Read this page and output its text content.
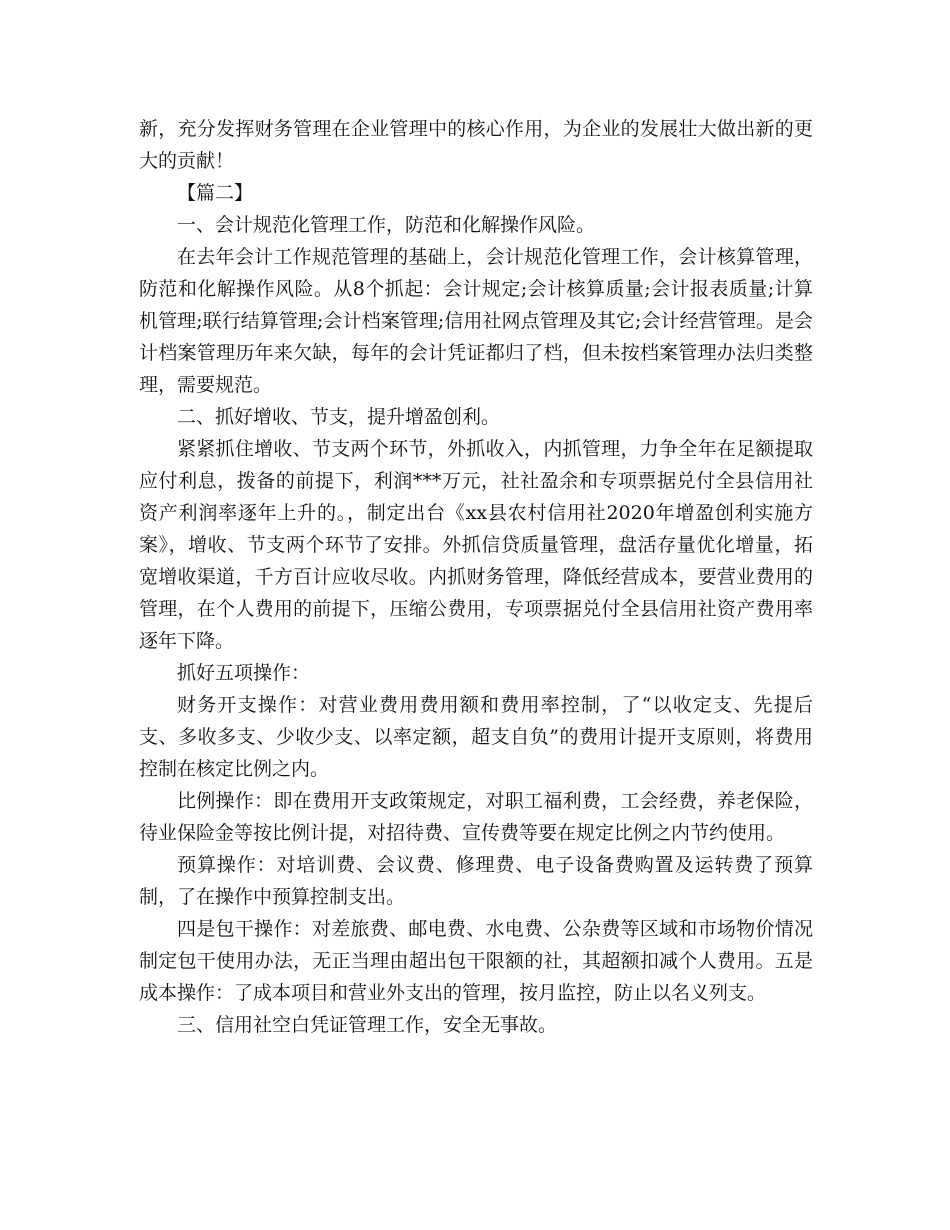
新，充分发挥财务管理在企业管理中的核心作用，为企业的发展壮大做出新的更大的贡献！

【篇二】

一、会计规范化管理工作，防范和化解操作风险。

在去年会计工作规范管理的基础上，会计规范化管理工作，会计核算管理，防范和化解操作风险。从8个抓起：会计规定;会计核算质量;会计报表质量;计算机管理;联行结算管理;会计档案管理;信用社网点管理及其它;会计经营管理。是会计档案管理历年来欠缺，每年的会计凭证都归了档，但未按档案管理办法归类整理，需要规范。

二、抓好增收、节支，提升增盈创利。

紧紧抓住增收、节支两个环节，外抓收入，内抓管理，力争全年在足额提取应付利息，拨备的前提下，利润***万元，社社盈余和专项票据兑付全县信用社资产利润率逐年上升的。，制定出台《xx县农村信用社2020年增盈创利实施方案》，增收、节支两个环节了安排。外抓信贷质量管理，盘活存量优化增量，拓宽增收渠道，千方百计应收尽收。内抓财务管理，降低经营成本，要营业费用的管理，在个人费用的前提下，压缩公费用，专项票据兑付全县信用社资产费用率逐年下降。

抓好五项操作：

财务开支操作：对营业费用费用额和费用率控制，了“以收定支、先提后支、多收多支、少收少支、以率定额，超支自负”的费用计提开支原则，将费用控制在核定比例之内。

比例操作：即在费用开支政策规定，对职工福利费，工会经费，养老保险，待业保险金等按比例计提，对招待费、宣传费等要在规定比例之内节约使用。

预算操作：对培训费、会议费、修理费、电子设备费购置及运转费了预算制，了在操作中预算控制支出。

四是包干操作：对差旅费、邮电费、水电费、公杂费等区域和市场物价情况制定包干使用办法，无正当理由超出包干限额的社，其超额扣减个人费用。五是成本操作：了成本项目和营业外支出的管理，按月监控，防止以名义列支。

三、信用社空白凭证管理工作，安全无事故。
